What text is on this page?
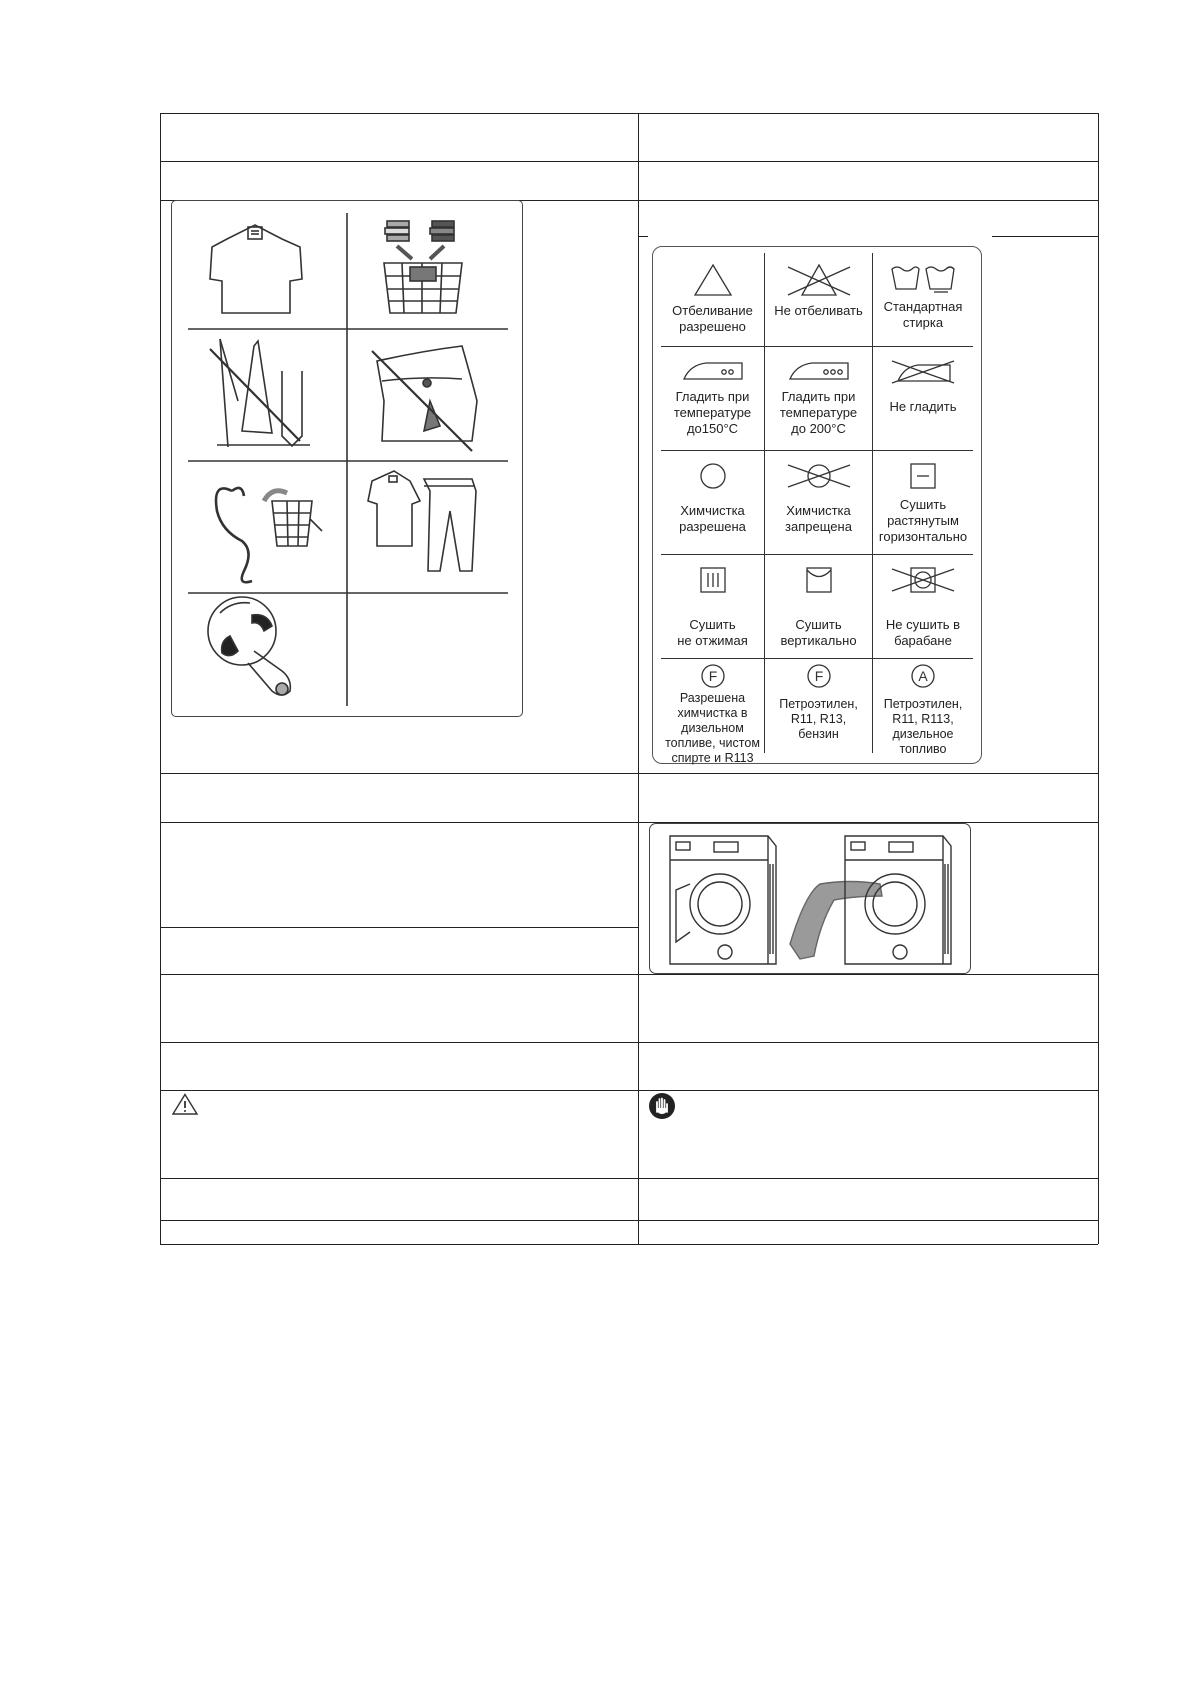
Отбеливание
разрешено
Не отбеливать Стандартная
стирка
Гладить при
температуре
до150°С
Гладить при
температуре
до 200°С
Не гладить
Химчистка
разрешена
Химчистка
запрещена
Сушить
растянутым
горизонтально
Сушить
не отжимая
Сушить
вертикально
Не сушить в
барабане
F
Разрешена
химчистка в
дизельном
топливе, чистом
спирте и R113
F
Петроэтилен,
R11, R13,
бензин
A
Петроэтилен,
R11, R113,
дизельное
топливо
